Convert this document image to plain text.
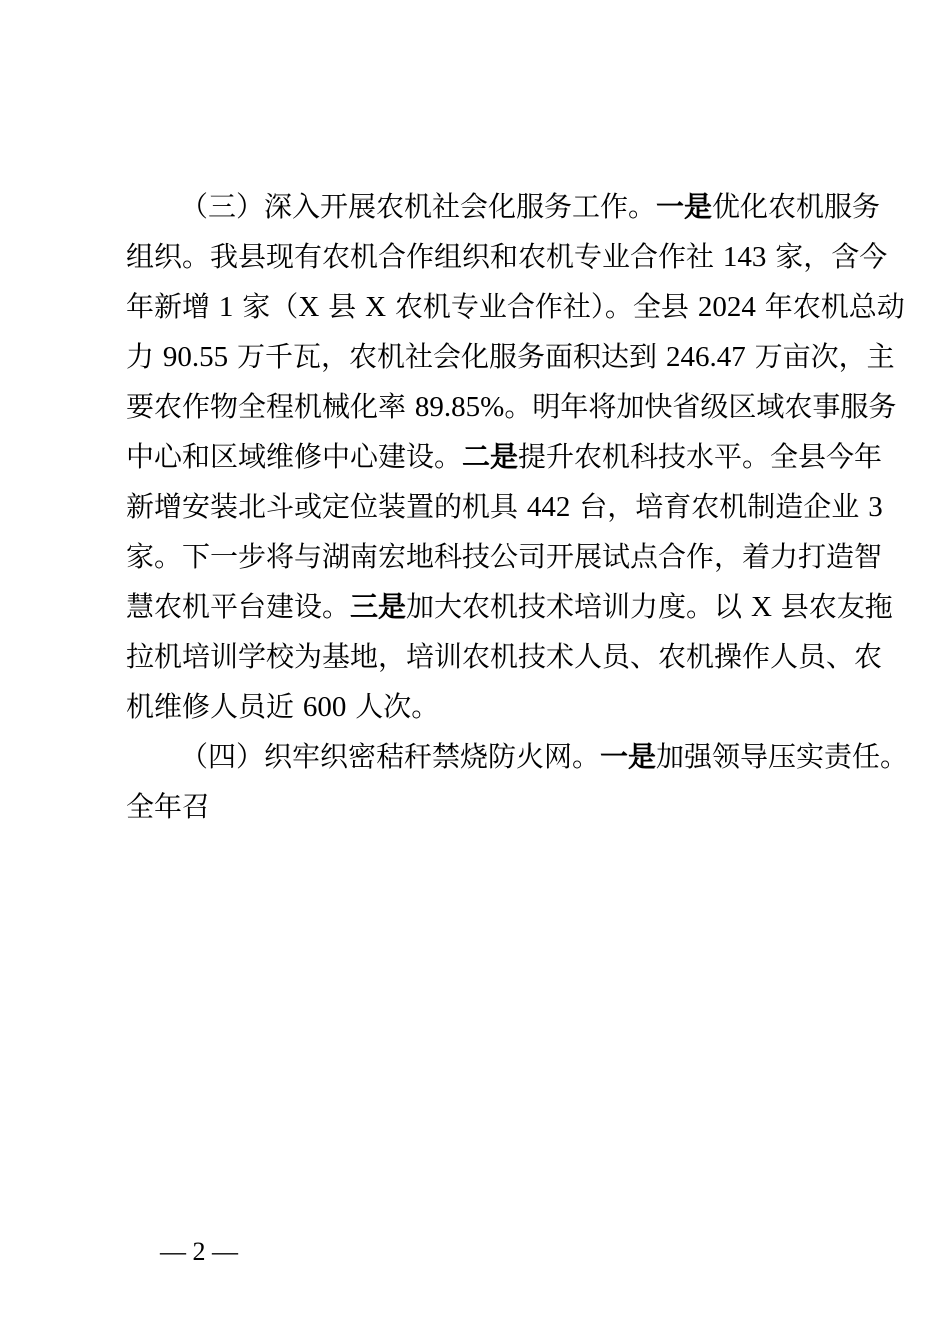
（三）深入开展农机社会化服务工作。一是优化农机服务
组织。我县现有农机合作组织和农机专业合作社 143 家，含今
年新增 1 家（X 县 X 农机专业合作社）。全县 2024 年农机总动
力 90.55 万千瓦，农机社会化服务面积达到 246.47 万亩次，主
要农作物全程机械化率 89.85%。明年将加快省级区域农事服务
中心和区域维修中心建设。二是提升农机科技水平。全县今年
新增安装北斗或定位装置的机具 442 台，培育农机制造企业 3
家。下一步将与湖南宏地科技公司开展试点合作，着力打造智
慧农机平台建设。三是加大农机技术培训力度。以 X 县农友拖
拉机培训学校为基地，培训农机技术人员、农机操作人员、农
机维修人员近 600 人次。
（四）织牢织密秸秆禁烧防火网。一是加强领导压实责任。
全年召
— 2 —
